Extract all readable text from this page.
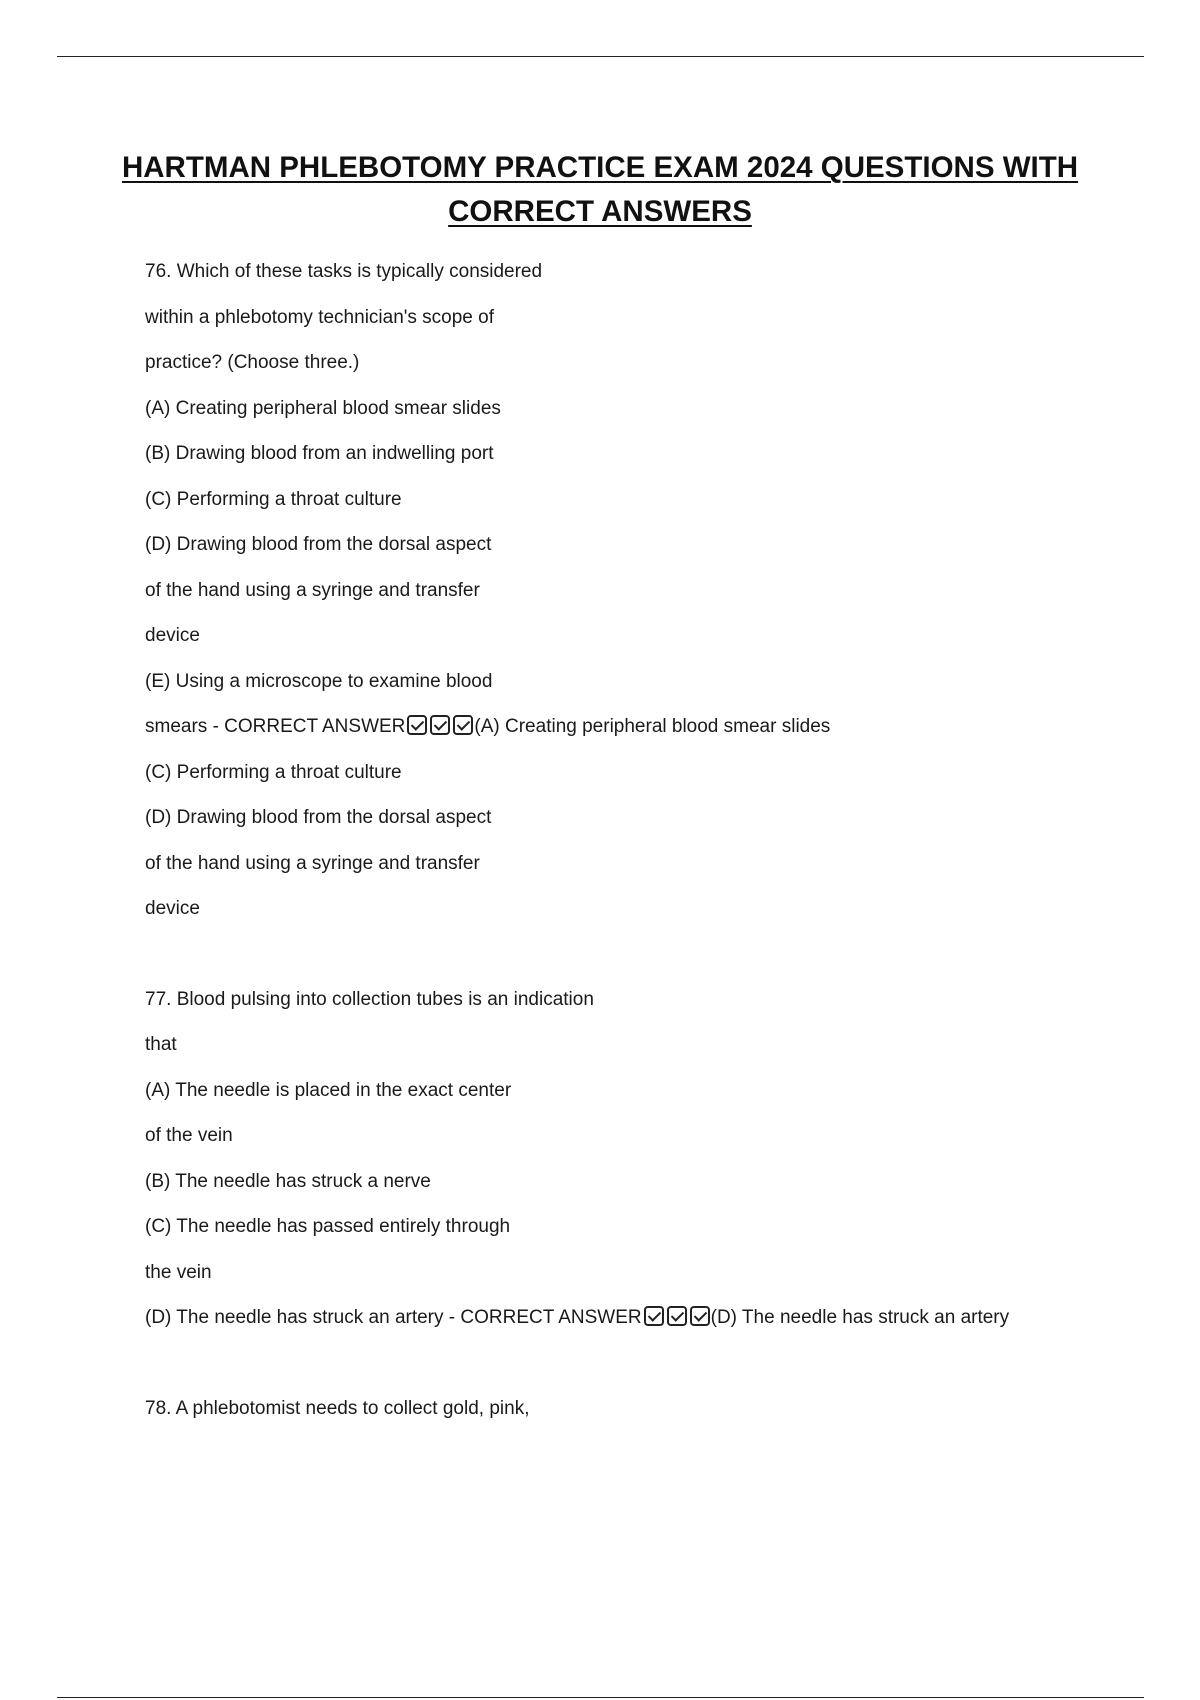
HARTMAN PHLEBOTOMY PRACTICE EXAM 2024 QUESTIONS WITH
CORRECT ANSWERS
76. Which of these tasks is typically considered
within a phlebotomy technician's scope of
practice? (Choose three.)
(A) Creating peripheral blood smear slides
(B) Drawing blood from an indwelling port
(C) Performing a throat culture
(D) Drawing blood from the dorsal aspect
of the hand using a syringe and transfer
device
(E) Using a microscope to examine blood
smears - CORRECT ANSWER	(A) Creating peripheral blood smear slides
(C) Performing a throat culture
(D) Drawing blood from the dorsal aspect
of the hand using a syringe and transfer
device
77. Blood pulsing into collection tubes is an indication
that
(A) The needle is placed in the exact center
of the vein
(B) The needle has struck a nerve
(C) The needle has passed entirely through
the vein
(D) The needle has struck an artery - CORRECT ANSWER	(D) The needle has struck an artery
78. A phlebotomist needs to collect gold, pink,
